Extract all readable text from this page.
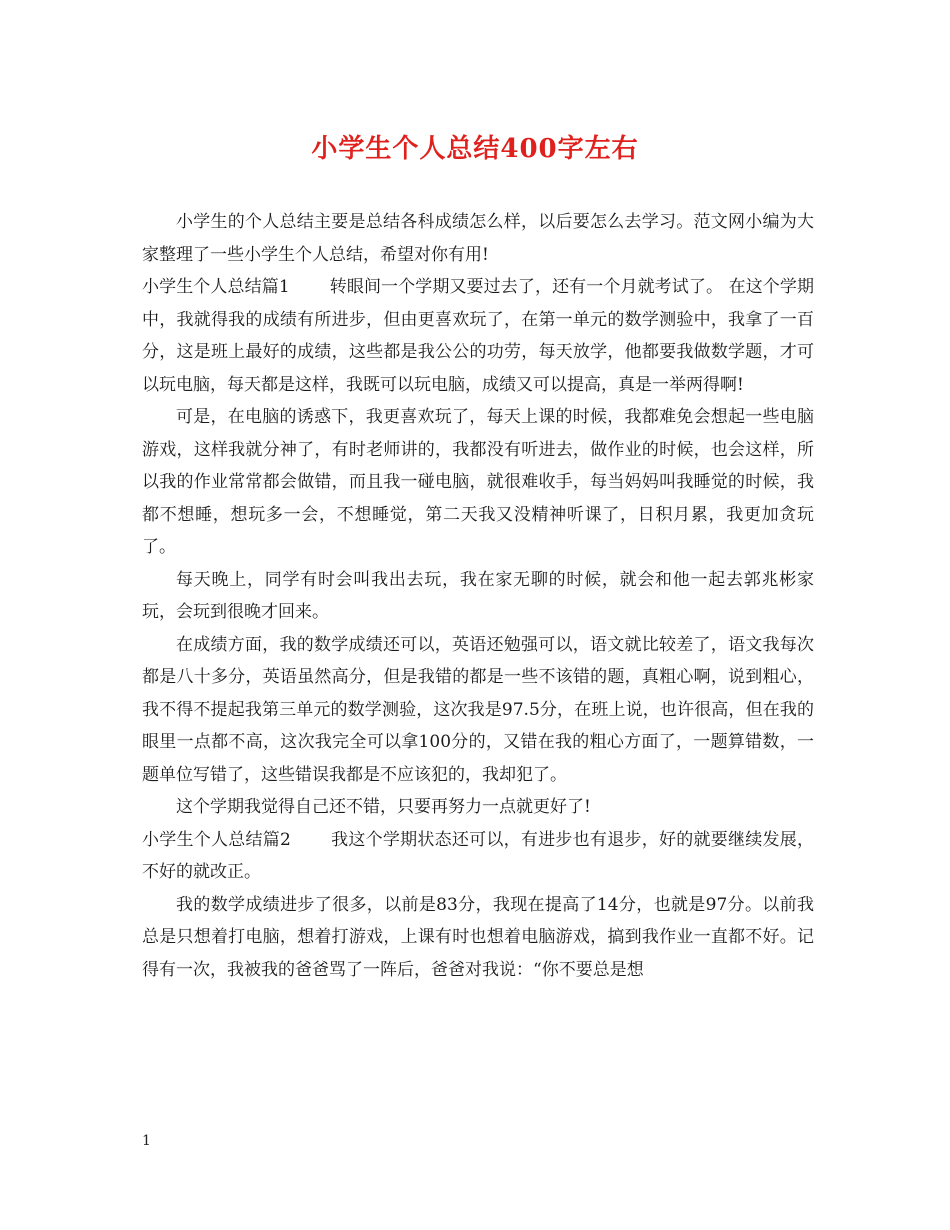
小学生个人总结400字左右

小学生的个人总结主要是总结各科成绩怎么样，以后要怎么去学习。范文网小编为大家整理了一些小学生个人总结，希望对你有用!

小学生个人总结篇1 转眼间一个学期又要过去了，还有一个月就考试了。 在这个学期中，我就得我的成绩有所进步，但由更喜欢玩了，在第一单元的数学测验中，我拿了一百分，这是班上最好的成绩，这些都是我公公的功劳，每天放学，他都要我做数学题，才可以玩电脑，每天都是这样，我既可以玩电脑，成绩又可以提高，真是一举两得啊!

可是，在电脑的诱惑下，我更喜欢玩了，每天上课的时候，我都难免会想起一些电脑游戏，这样我就分神了，有时老师讲的，我都没有听进去，做作业的时候，也会这样，所以我的作业常常都会做错，而且我一碰电脑，就很难收手，每当妈妈叫我睡觉的时候，我都不想睡，想玩多一会，不想睡觉，第二天我又没精神听课了，日积月累，我更加贪玩了。

每天晚上，同学有时会叫我出去玩，我在家无聊的时候，就会和他一起去郭兆彬家玩，会玩到很晚才回来。

在成绩方面，我的数学成绩还可以，英语还勉强可以，语文就比较差了，语文我每次都是八十多分，英语虽然高分，但是我错的都是一些不该错的题，真粗心啊，说到粗心，我不得不提起我第三单元的数学测验，这次我是97.5分，在班上说，也许很高，但在我的眼里一点都不高，这次我完全可以拿100分的，又错在我的粗心方面了，一题算错数，一题单位写错了，这些错误我都是不应该犯的，我却犯了。

这个学期我觉得自己还不错，只要再努力一点就更好了!

小学生个人总结篇2 我这个学期状态还可以，有进步也有退步，好的就要继续发展，不好的就改正。

我的数学成绩进步了很多，以前是83分，我现在提高了14分，也就是97分。以前我总是只想着打电脑，想着打游戏，上课有时也想着电脑游戏，搞到我作业一直都不好。记得有一次，我被我的爸爸骂了一阵后，爸爸对我说：“你不要总是想

1
